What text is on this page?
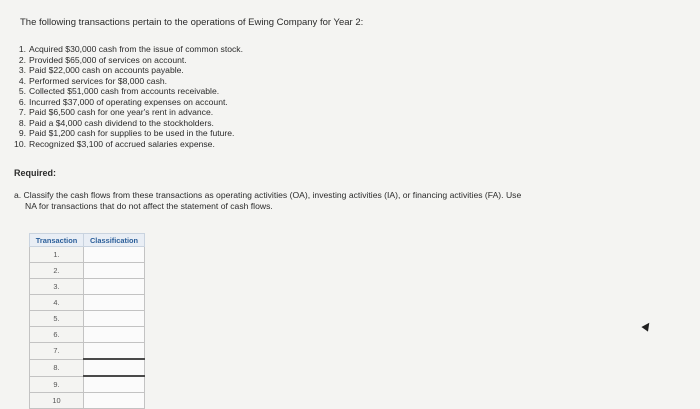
The following transactions pertain to the operations of Ewing Company for Year 2:
1. Acquired $30,000 cash from the issue of common stock.
2. Provided $65,000 of services on account.
3. Paid $22,000 cash on accounts payable.
4. Performed services for $8,000 cash.
5. Collected $51,000 cash from accounts receivable.
6. Incurred $37,000 of operating expenses on account.
7. Paid $6,500 cash for one year's rent in advance.
8. Paid a $4,000 cash dividend to the stockholders.
9. Paid $1,200 cash for supplies to be used in the future.
10. Recognized $3,100 of accrued salaries expense.
Required:
a. Classify the cash flows from these transactions as operating activities (OA), investing activities (IA), or financing activities (FA). Use
NA for transactions that do not affect the statement of cash flows.
Transaction	Classification
1.	
2.	
3.	
4.	
5.	
6.	
7.	
8.	
9.	
10	
